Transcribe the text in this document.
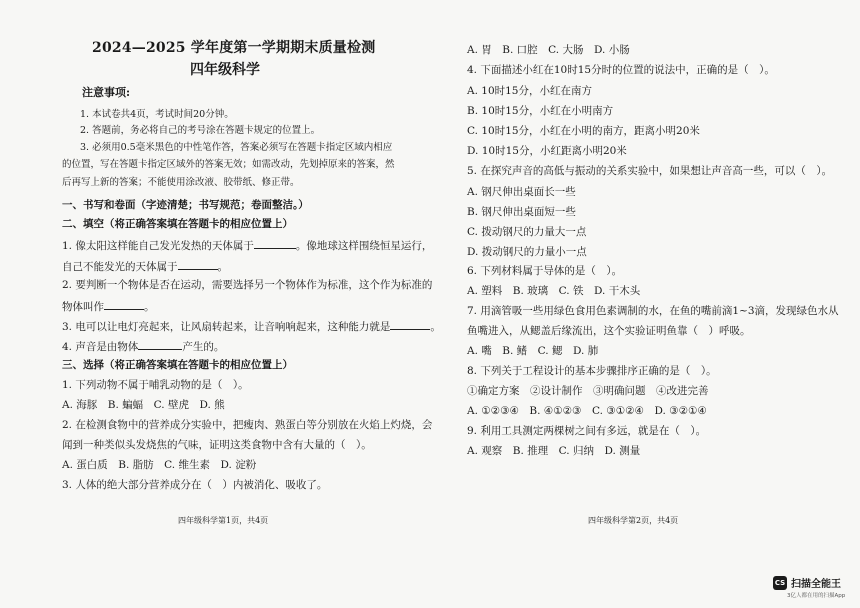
2024—2025 学年度第一学期期末质量检测
四年级科学
注意事项:
1. 本试卷共4页，考试时间20分钟。
2. 答题前，务必将自己的考号涂在答题卡规定的位置上。
3. 必须用0.5毫米黑色的中性笔作答，答案必须写在答题卡指定区域内相应
的位置，写在答题卡指定区域外的答案无效；如需改动，先划掉原来的答案，然
后再写上新的答案；不能使用涂改液、胶带纸、修正带。
一、书写和卷面（字迹清楚；书写规范；卷面整洁。）
二、填空（将正确答案填在答题卡的相应位置上）
1. 像太阳这样能自己发光发热的天体属于	。像地球这样围绕恒星运行，
自己不能发光的天体属于	。
2. 要判断一个物体是否在运动，需要选择另一个物体作为标准，这个作为标准的
物体叫作	。
3. 电可以让电灯亮起来，让风扇转起来，让音响响起来，这种能力就是	。
4. 声音是由物体	产生的。
三、选择（将正确答案填在答题卡的相应位置上）
1. 下列动物不属于哺乳动物的是（　）。
A. 海豚　B. 蝙蝠　C. 壁虎　D. 熊
2. 在检测食物中的营养成分实验中，把瘦肉、熟蛋白等分别放在火焰上灼烧，会
闻到一种类似头发烧焦的气味，证明这类食物中含有大量的（　）。
A. 蛋白质　B. 脂肪　C. 维生素　D. 淀粉
3. 人体的绝大部分营养成分在（　）内被消化、吸收了。
四年级科学第1页，共4页
A. 胃　B. 口腔　C. 大肠　D. 小肠
4. 下面描述小红在10时15分时的位置的说法中，正确的是（　）。
A. 10时15分，小红在南方
B. 10时15分，小红在小明南方
C. 10时15分，小红在小明的南方，距离小明20米
D. 10时15分，小红距离小明20米
5. 在探究声音的高低与振动的关系实验中，如果想让声音高一些，可以（　）。
A. 钢尺伸出桌面长一些
B. 钢尺伸出桌面短一些
C. 拨动钢尺的力量大一点
D. 拨动钢尺的力量小一点
6. 下列材料属于导体的是（　）。
A. 塑料　B. 玻璃　C. 铁　D. 干木头
7. 用滴管吸一些用绿色食用色素调制的水，在鱼的嘴前滴1~3滴，发现绿色水从
鱼嘴进入，从鳃盖后缘流出，这个实验证明鱼靠（　）呼吸。
A. 嘴　B. 鳍　C. 鳃　D. 肺
8. 下列关于工程设计的基本步骤排序正确的是（　）。
①确定方案　②设计制作　③明确问题　④改进完善
A. ①②③④　B. ④①②③　C. ③①②④　D. ③②①④
9. 利用工具测定两棵树之间有多远，就是在（　）。
A. 观察　B. 推理　C. 归纳　D. 测量
四年级科学第2页，共4页
CS 扫描全能王
3亿人都在用的扫描App
